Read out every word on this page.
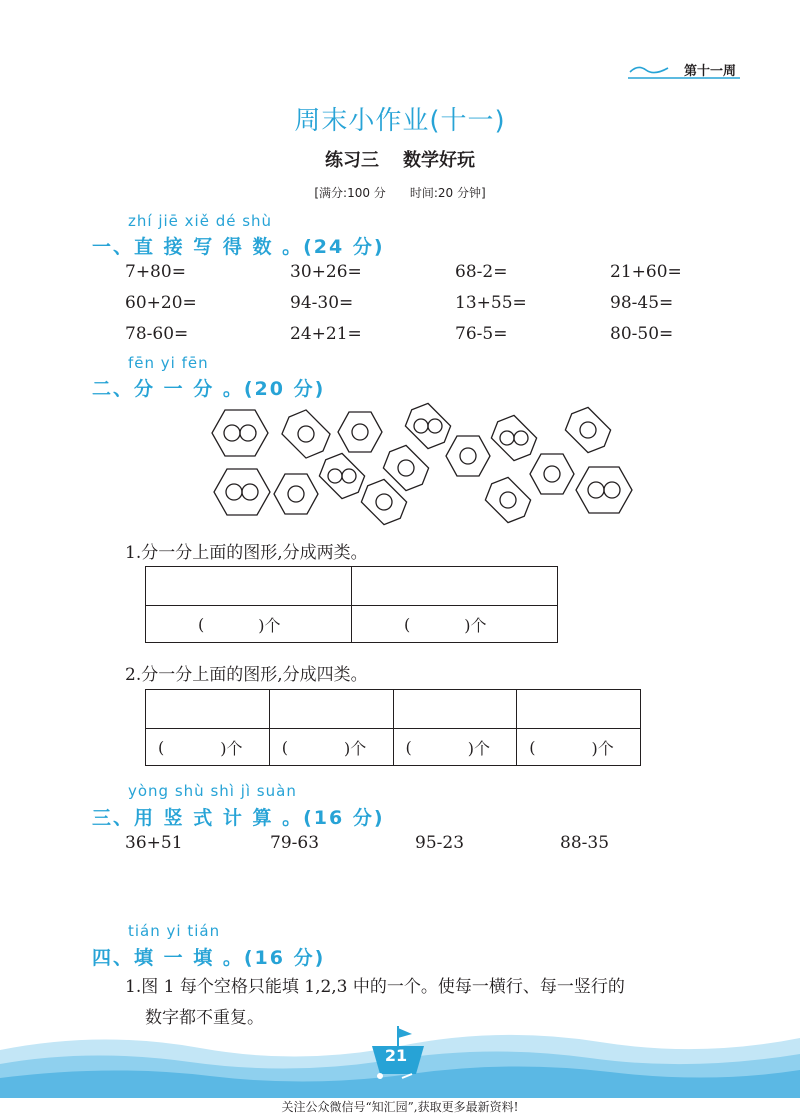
第十一周
周末小作业(十一)
练习三 数学好玩
[满分:100 分 时间:20 分钟]
zhí jiē xiě dé shù
一、直 接 写 得 数 。(24 分)
7+80=	30+26=	68-2=	21+60=
60+20=	94-30=	13+55=	98-45=
78-60=	24+21=	76-5=	80-50=
fēn yi fēn
二、分 一 分 。(20 分)
1.分一分上面的图形,分成两类。

( )个	( )个
2.分一分上面的图形,分成四类。

( )个	( )个	( )个	( )个
yòng shù shì jì suàn
三、用 竖 式 计 算 。(16 分)
36+51	79-63	95-23	88-35
tián yi tián
四、填 一 填 。(16 分)
1.图 1 每个空格只能填 1,2,3 中的一个。使每一横行、每一竖行的
数字都不重复。
21
关注公众微信号“知汇园”,获取更多最新资料!
